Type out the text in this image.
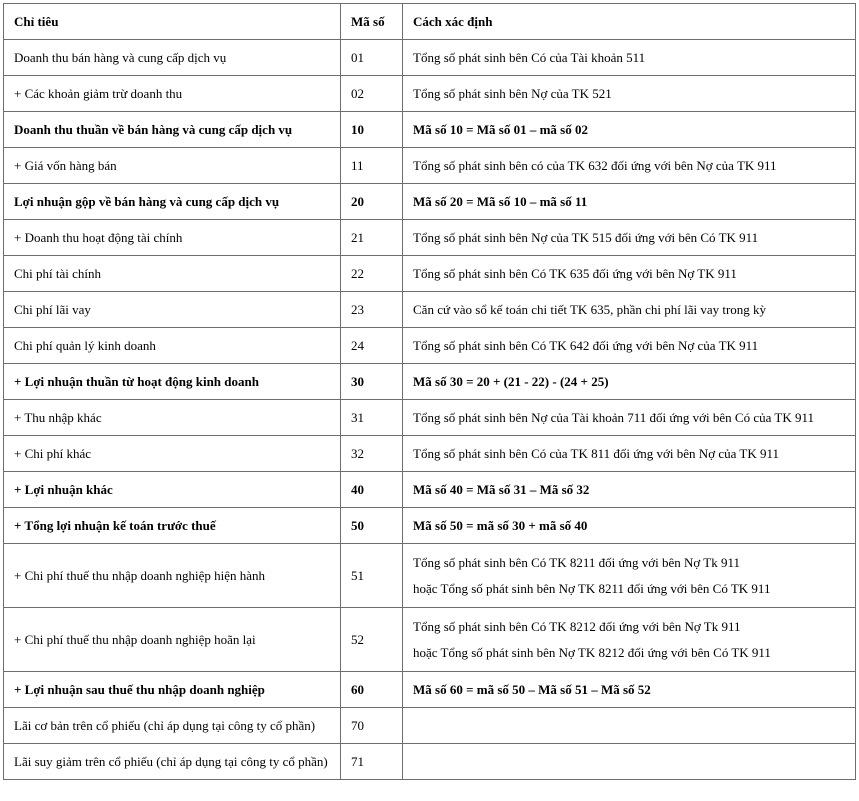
Chỉ tiêu	Mã số	Cách xác định
Doanh thu bán hàng và cung cấp dịch vụ	01	Tổng số phát sinh bên Có của Tài khoản 511

+ Các khoản giảm trừ doanh thu	02	Tổng số phát sinh bên Nợ của TK 521

Doanh thu thuần về bán hàng và cung cấp dịch vụ	10	Mã số 10 = Mã số 01 – mã số 02

+ Giá vốn hàng bán	11	Tổng số phát sinh bên có của TK 632 đối ứng với bên Nợ của TK 911

Lợi nhuận gộp về bán hàng và cung cấp dịch vụ	20	Mã số 20 = Mã số 10 – mã số 11

+ Doanh thu hoạt động tài chính	21	Tổng số phát sinh bên Nợ của TK 515 đối ứng với bên Có TK 911

Chi phí tài chính	22	Tổng số phát sinh bên Có TK 635 đối ứng với bên Nợ TK 911

Chi phí lãi vay	23	Căn cứ vào sổ kế toán chi tiết TK 635, phần chi phí lãi vay trong kỳ

Chi phí quản lý kinh doanh	24	Tổng số phát sinh bên Có TK 642 đối ứng với bên Nợ của TK 911

+ Lợi nhuận thuần từ hoạt động kinh doanh	30	Mã số 30 = 20 + (21 - 22) - (24 + 25)

+ Thu nhập khác	31	Tổng số phát sinh bên Nợ của Tài khoản 711 đối ứng với bên Có của TK 911

+ Chi phí khác	32	Tổng số phát sinh bên Có của TK 811 đối ứng với bên Nợ của TK 911

+ Lợi nhuận khác	40	Mã số 40 = Mã số 31 – Mã số 32

+ Tổng lợi nhuận kế toán trước thuế	50	Mã số 50 = mã số 30 + mã số 40

+ Chi phí thuế thu nhập doanh nghiệp hiện hành	51	Tổng số phát sinh bên Có TK 8211 đối ứng với bên Nợ Tk 911
hoặc Tổng số phát sinh bên Nợ TK 8211 đối ứng với bên Có TK 911

+ Chi phí thuế thu nhập doanh nghiệp hoãn lại	52	Tổng số phát sinh bên Có TK 8212 đối ứng với bên Nợ Tk 911
hoặc Tổng số phát sinh bên Nợ TK 8212 đối ứng với bên Có TK 911

+ Lợi nhuận sau thuế thu nhập doanh nghiệp	60	Mã số 60 = mã số 50 – Mã số 51 – Mã số 52

Lãi cơ bản trên cổ phiếu (chỉ áp dụng tại công ty cổ phần)	70	
Lãi suy giảm trên cổ phiếu (chỉ áp dụng tại công ty cổ phần)	71	
